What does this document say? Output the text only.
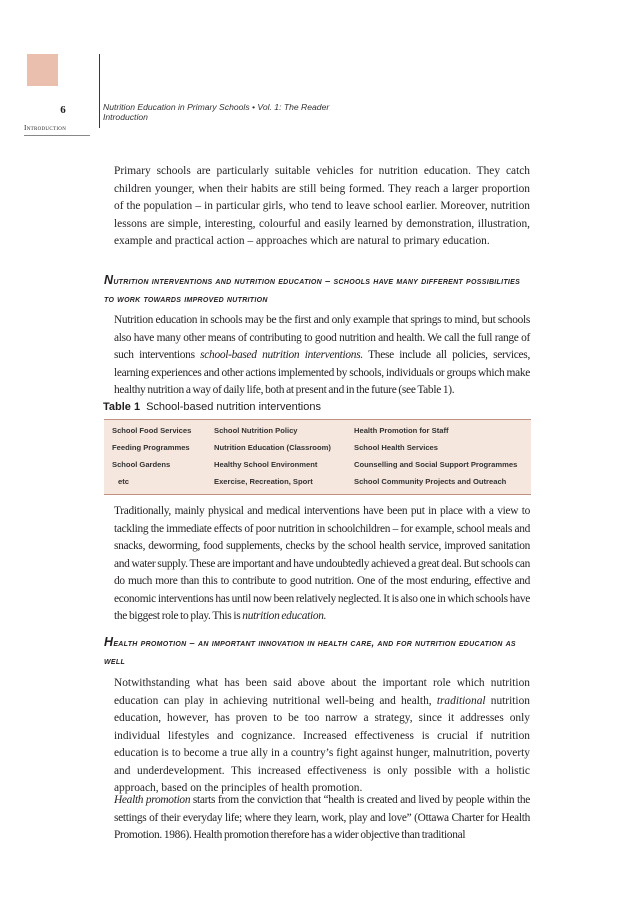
6	Nutrition Education in Primary Schools • Vol. 1: The Reader
Introduction
Introduction

Primary schools are particularly suitable vehicles for nutrition education. They catch children younger, when their habits are still being formed. They reach a larger proportion of the population – in particular girls, who tend to leave school earlier. Moreover, nutrition lessons are simple, interesting, colourful and easily learned by demonstration, illustration, example and practical action – approaches which are natural to primary education.

Nutrition interventions and nutrition education – schools have many different possibilities to work towards improved nutrition

Nutrition education in schools may be the first and only example that springs to mind, but schools also have many other means of contributing to good nutrition and health. We call the full range of such interventions school-based nutrition interventions. These include all policies, services, learning experiences and other actions implemented by schools, individuals or groups which make healthy nutrition a way of daily life, both at present and in the future (see Table 1).

Table 1 School-based nutrition interventions
School Food Services	School Nutrition Policy	Health Promotion for Staff
Feeding Programmes	Nutrition Education (Classroom)	School Health Services
School Gardens	Healthy School Environment	Counselling and Social Support Programmes
etc	Exercise, Recreation, Sport	School Community Projects and Outreach

Traditionally, mainly physical and medical interventions have been put in place with a view to tackling the immediate effects of poor nutrition in schoolchildren – for example, school meals and snacks, deworming, food supplements, checks by the school health service, improved sanitation and water supply. These are important and have undoubtedly achieved a great deal. But schools can do much more than this to contribute to good nutrition. One of the most enduring, effective and economic interventions has until now been relatively neglected. It is also one in which schools have the biggest role to play. This is nutrition education.

Health promotion – an important innovation in health care, and for nutrition education as well

Notwithstanding what has been said above about the important role which nutrition education can play in achieving nutritional well-being and health, traditional nutrition education, however, has proven to be too narrow a strategy, since it addresses only individual lifestyles and cognizance. Increased effectiveness is crucial if nutrition education is to become a true ally in a country’s fight against hunger, malnutrition, poverty and underdevelopment. This increased effectiveness is only possible with a holistic approach, based on the principles of health promotion.

Health promotion starts from the conviction that “health is created and lived by people within the settings of their everyday life; where they learn, work, play and love” (Ottawa Charter for Health Promotion. 1986). Health promotion therefore has a wider objective than traditional
